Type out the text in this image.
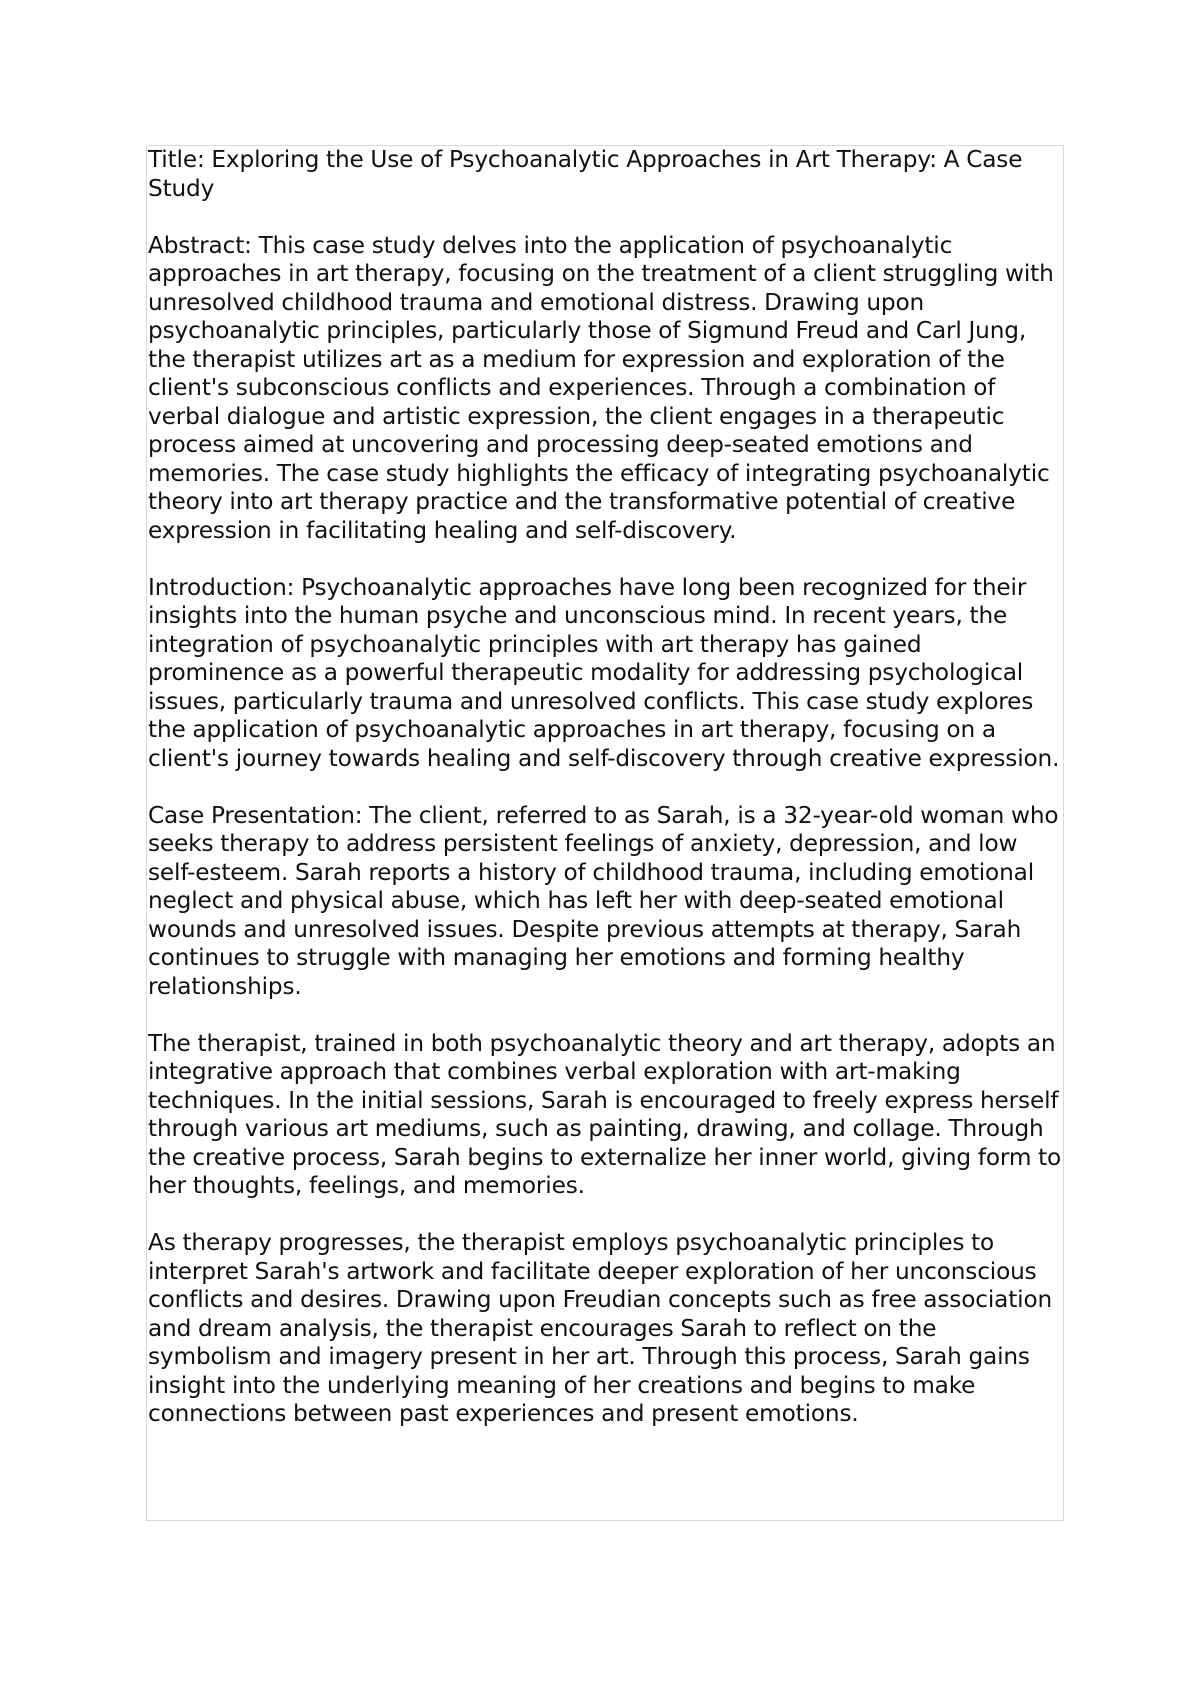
Title: Exploring the Use of Psychoanalytic Approaches in Art Therapy: A Case Study

Abstract: This case study delves into the application of psychoanalytic approaches in art therapy, focusing on the treatment of a client struggling with unresolved childhood trauma and emotional distress. Drawing upon psychoanalytic principles, particularly those of Sigmund Freud and Carl Jung, the therapist utilizes art as a medium for expression and exploration of the client's subconscious conflicts and experiences. Through a combination of verbal dialogue and artistic expression, the client engages in a therapeutic process aimed at uncovering and processing deep-seated emotions and memories. The case study highlights the efficacy of integrating psychoanalytic theory into art therapy practice and the transformative potential of creative expression in facilitating healing and self-discovery.

Introduction: Psychoanalytic approaches have long been recognized for their insights into the human psyche and unconscious mind. In recent years, the integration of psychoanalytic principles with art therapy has gained prominence as a powerful therapeutic modality for addressing psychological issues, particularly trauma and unresolved conflicts. This case study explores the application of psychoanalytic approaches in art therapy, focusing on a client's journey towards healing and self-discovery through creative expression.

Case Presentation: The client, referred to as Sarah, is a 32-year-old woman who seeks therapy to address persistent feelings of anxiety, depression, and low self-esteem. Sarah reports a history of childhood trauma, including emotional neglect and physical abuse, which has left her with deep-seated emotional wounds and unresolved issues. Despite previous attempts at therapy, Sarah continues to struggle with managing her emotions and forming healthy relationships.

The therapist, trained in both psychoanalytic theory and art therapy, adopts an integrative approach that combines verbal exploration with art-making techniques. In the initial sessions, Sarah is encouraged to freely express herself through various art mediums, such as painting, drawing, and collage. Through the creative process, Sarah begins to externalize her inner world, giving form to her thoughts, feelings, and memories.

As therapy progresses, the therapist employs psychoanalytic principles to interpret Sarah's artwork and facilitate deeper exploration of her unconscious conflicts and desires. Drawing upon Freudian concepts such as free association and dream analysis, the therapist encourages Sarah to reflect on the symbolism and imagery present in her art. Through this process, Sarah gains insight into the underlying meaning of her creations and begins to make connections between past experiences and present emotions.
